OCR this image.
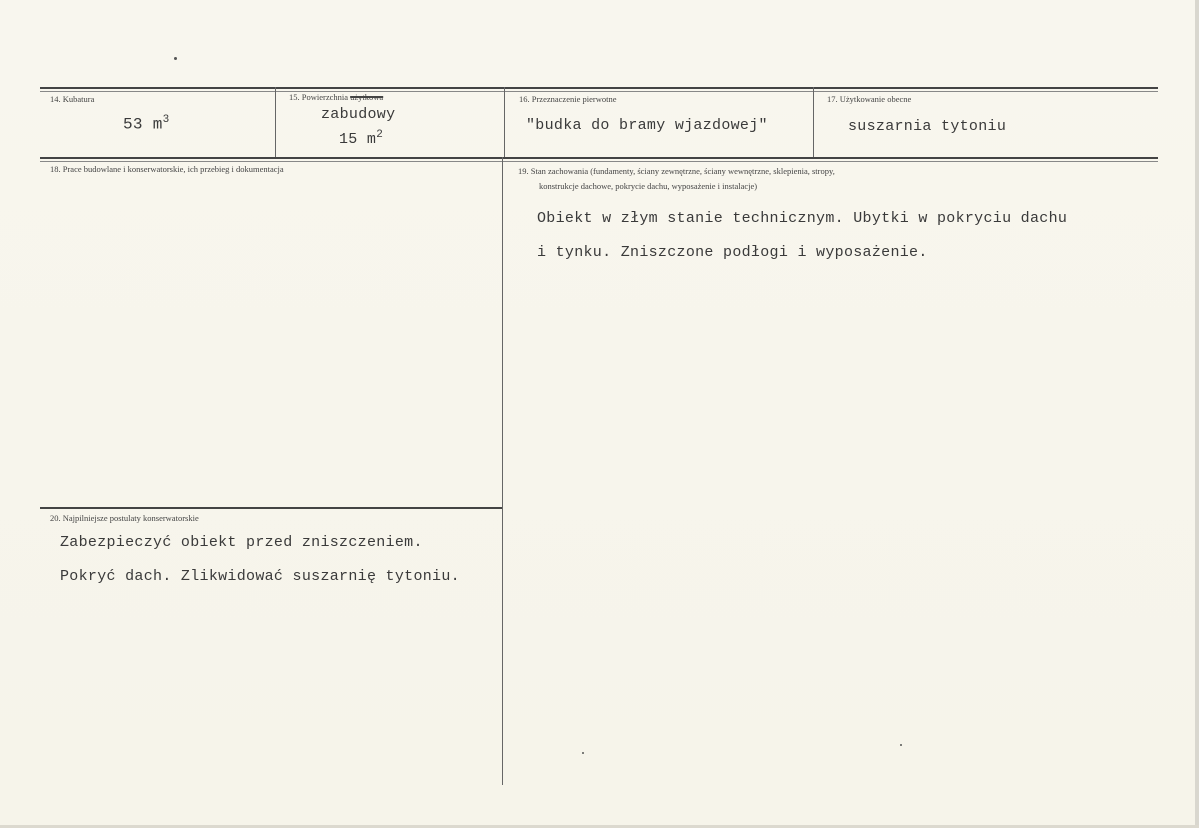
14. Kubatura
53 $m^3$
15. Powierzchnia użytkowa
zabudowy
15 $m^2$
16. Przeznaczenie pierwotne
"budka do bramy wjazdowej"
17. Użytkowanie obecne
suszarnia tytoniu
18. Prace budowlane i konserwatorskie, ich przebieg i dokumentacja	19. Stan zachowania (fundamenty, ściany zewnętrzne, ściany wewnętrzne, sklepienia, stropy,
konstrukcje dachowe, pokrycie dachu, wyposażenie i instalacje)
Obiekt w złym stanie technicznym. Ubytki w pokryciu dachu
i tynku. Zniszczone podłogi i wyposażenie.
20. Najpilniejsze postulaty konserwatorskie
Zabezpieczyć obiekt przed zniszczeniem.
Pokryć dach. Zlikwidować suszarnię tytoniu.
